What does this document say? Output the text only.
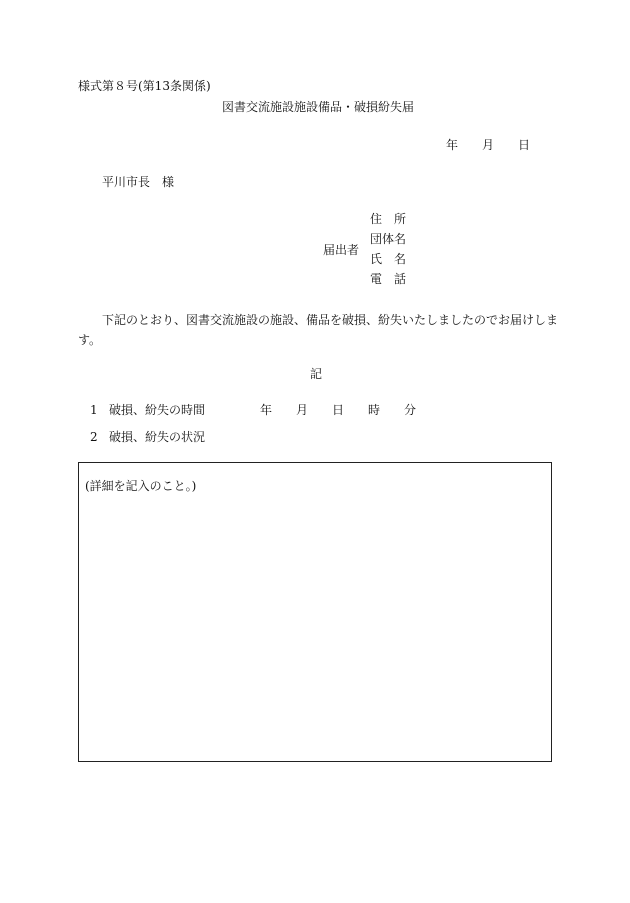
様式第８号(第13条関係)
図書交流施設施設備品・破損紛失届
年 月 日
平川市長　様
届出者
住　所
団体名
氏　名
電　話
下記のとおり、図書交流施設の施設、備品を破損、紛失いたしましたのでお届けします。
記
1 破損、紛失の時間	年 月 日 時 分
2 破損、紛失の状況
(詳細を記入のこと。)
